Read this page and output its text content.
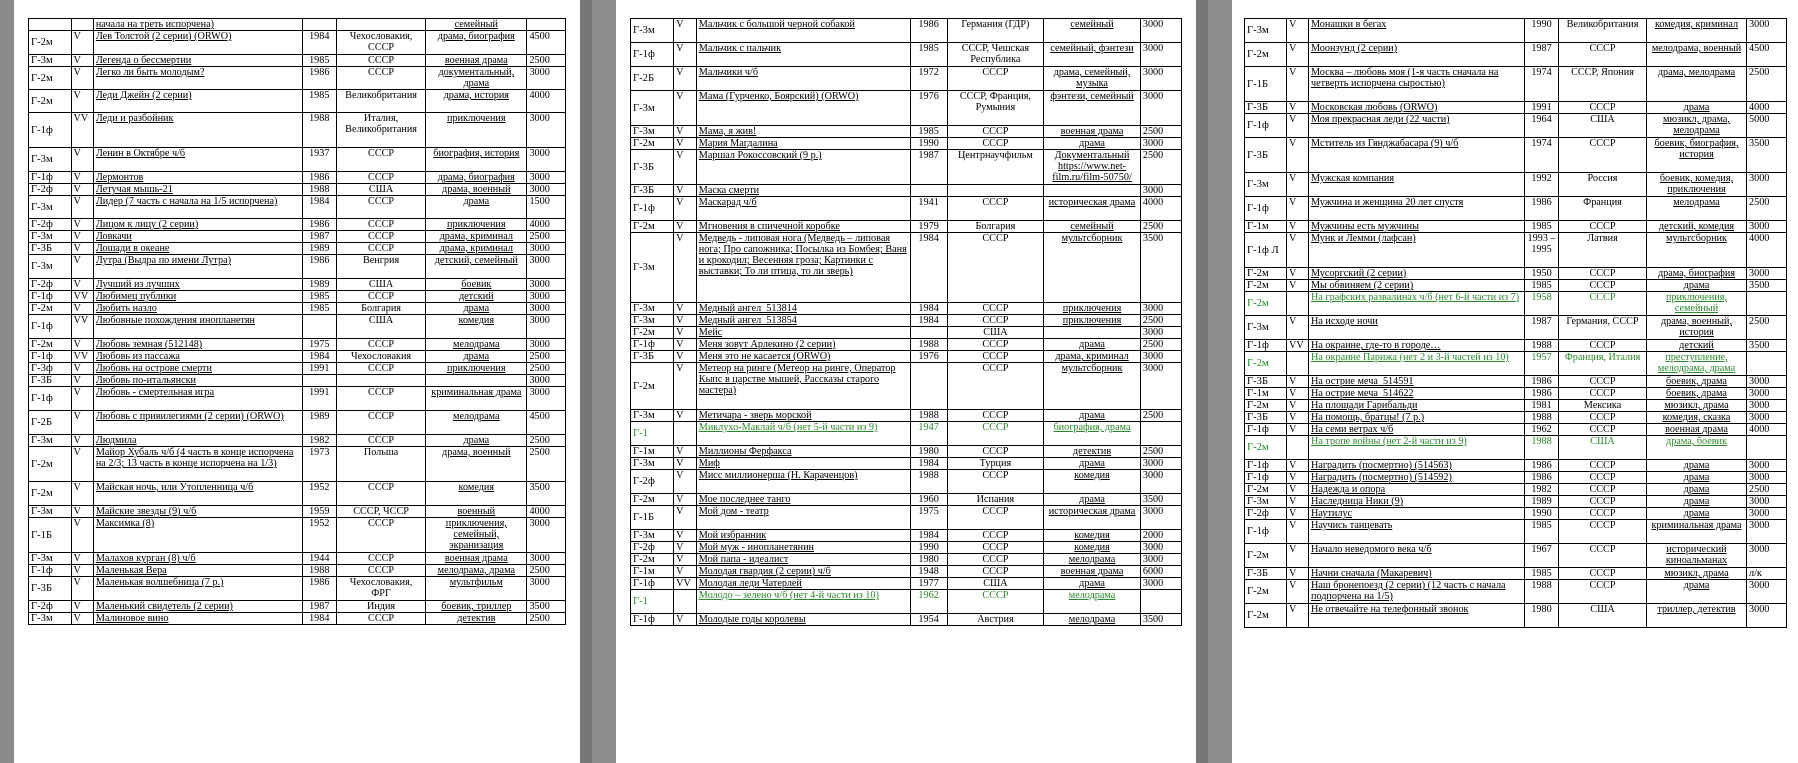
		начала на треть испорчена)			семейный	
Г-2м	V	Лев Толстой (2 серии) (ORWO)	1984	Чехословакия, СССР	драма, биография	4500
Г-3м	V	Легенда о бессмертии	1985	СССР	военная драма	2500
Г-2м	V	Легко ли быть молодым?	1986	СССР	документальный, драма	3000
Г-2м	V	Леди Джейн (2 серии)	1985	Великобритания	драма, история	4000
Г-1ф	VV	Леди и разбойник	1988	Италия, Великобритания	приключения	3000
Г-3м	V	Ленин в Октябре ч/б	1937	СССР	биография, история	3000
Г-1ф	V	Лермонтов	1986	СССР	драма, биография	3000
Г-2ф	V	Летучая мышь-21	1988	США	драма, военный	3000
Г-3м	V	Лидер (7 часть с начала на 1/5 испорчена)	1984	СССР	драма	1500
Г-2ф	V	Лицом к лицу (2 серии)	1986	СССР	приключения	4000
Г-3м	V	Ловкачи	1987	СССР	драма, криминал	2500
Г-3Б	V	Лошади в океане	1989	СССР	драма, криминал	3000
Г-3м	V	Лутра (Выдра по имени Лутра)	1986	Венгрия	детский, семейный	3000
Г-2ф	V	Лучший из лучших	1989	США	боевик	3000
Г-1ф	VV	Любимец публики	1985	СССР	детский	3000
Г-2м	V	Любить назло	1985	Болгария	драма	3000
Г-1ф	VV	Любовные похождения инопланетян		США	комедия	3000
Г-2м	V	Любовь земная (512148)	1975	СССР	мелодрама	3000
Г-1ф	VV	Любовь из пассажа	1984	Чехословакия	драма	2500
Г-3ф	V	Любовь на острове смерти	1991	СССР	приключения	2500
Г-3Б	V	Любовь по-итальянски				3000
Г-1ф	V	Любовь - смертельная игра	1991	СССР	криминальная драма	3000
Г-2Б	V	Любовь с привилегиями (2 серии) (ORWO)	1989	СССР	мелодрама	4500
Г-3м	V	Людмила	1982	СССР	драма	2500
Г-2м	V	Майор Хубаль ч/б (4 часть в конце испорчена на 2/3; 13 часть в конце испорчена на 1/3)	1973	Польша	драма, военный	2500
Г-2м	V	Майская ночь, или Утопленница ч/б	1952	СССР	комедия	3500
Г-3м	V	Майские звезды (9) ч/б	1959	СССР, ЧССР	военный	4000
Г-1Б	V	Максимка (8)	1952	СССР	приключения, семейный, экранизация	3000
Г-3м	V	Малахов курган (8) ч/б	1944	СССР	военная драма	3000
Г-1ф	V	Маленькая Вера	1988	СССР	мелодрама, драма	2500
Г-3Б	V	Маленькая волшебница (7 р.)	1986	Чехословакия, ФРГ	мультфильм	3000
Г-2ф	V	Маленький свидетель (2 серии)	1987	Индия	боевик, триллер	3500
Г-3м	V	Малиновое вино	1984	СССР	детектив	2500
Г-3м	V	Мальчик с большой черной собакой	1986	Германия (ГДР)	семейный	3000
Г-1ф	V	Мальчик с пальчик	1985	СССР, Чешская Республика	семейный, фэнтези	3000
Г-2Б	V	Мальчики ч/б	1972	СССР	драма, семейный, музыка	3000
Г-3м	V	Мама (Гурченко, Боярский) (ORWO)	1976	СССР, Франция, Румыния	фэнтези, семейный	3000
Г-3м	V	Мама, я жив!	1985	СССР	военная драма	2500
Г-2м	V	Мария Магдалина	1990	СССР	драма	3000
Г-3Б	V	Маршал Рокоссовский (9 р.)	1987	Центрнаучфильм	Документальный https://www.net-film.ru/film-50750/	2500
Г-3Б	V	Маска смерти				3000
Г-1ф	V	Маскарад ч/б	1941	СССР	историческая драма	4000
Г-2м	V	Мгновения в спичечной коробке	1979	Болгария	семейный	2500
Г-3м	V	Медведь - липовая нога (Медведь – липовая нога; Про сапожника; Посылка из Бомбея; Ваня и крокодил; Весенняя гроза; Картинки с выставки; То ли птица, то ли зверь)	1984	СССР	мультсборник	3500
Г-3м	V	Медный ангел_513814	1984	СССР	приключения	3000
Г-3м	V	Медный ангел_513854	1984	СССР	приключения	2500
Г-2м	V	Мейс		США		3000
Г-1ф	V	Меня зовут Арлекино (2 серии)	1988	СССР	драма	2500
Г-3Б	V	Меня это не касается (ORWO)	1976	СССР	драма, криминал	3000
Г-2м	V	Метеор на ринге (Метеор на ринге, Оператор Кыпс в царстве мышей, Рассказы старого мастера)		СССР	мультсборник	3000
Г-3м	V	Метичара - зверь морской	1988	СССР	драма	2500
Г-1		Миклухо-Маклай ч/б (нет 5-й части из 9)	1947	СССР	биография, драма	
Г-1м	V	Миллионы Ферфакса	1980	СССР	детектив	2500
Г-3м	V	Миф	1984	Турция	драма	3000
Г-2ф	V	Мисс миллионерша (Н. Караченцов)	1988	СССР	комедия	3000
Г-2м	V	Мое последнее танго	1960	Испания	драма	3500
Г-1Б	V	Мой дом - театр	1975	СССР	историческая драма	3000
Г-3м	V	Мой избранник	1984	СССР	комедия	2000
Г-2ф	V	Мой муж - инопланетянин	1990	СССР	комедия	3000
Г-2м	V	Мой папа - идеалист	1980	СССР	мелодрама	3000
Г-1м	V	Молодая гвардия (2 серии) ч/б	1948	СССР	военная драма	6000
Г-1ф	VV	Молодая леди Чатерлей	1977	США	драма	3000
Г-1		Молодо – зелено ч/б (нет 4-й части из 10)	1962	СССР	мелодрама	
Г-1ф	V	Молодые годы королевы	1954	Австрия	мелодрама	3500
Г-3м	V	Монашки в бегах	1990	Великобритания	комедия, криминал	3000
Г-2м	V	Моонзунд (2 серии)	1987	СССР	мелодрама, военный	4500
Г-1Б	V	Москва – любовь моя (1-я часть сначала на четверть испорчена сыростью)	1974	СССР, Япония	драма, мелодрама	2500
Г-3Б	V	Московская любовь (ORWO)	1991	СССР	драма	4000
Г-1ф	V	Моя прекрасная леди (22 части)	1964	США	мюзикл, драма, мелодрама	5000
Г-3Б	V	Мститель из Гянджабасара (9) ч/б	1974	СССР	боевик, биография, история	3500
Г-3м	V	Мужская компания	1992	Россия	боевик, комедия, приключения	3000
Г-1ф	V	Мужчина и женщина 20 лет спустя	1986	Франция	мелодрама	2500
Г-1м	V	Мужчины есть мужчины	1985	СССР	детский, комедия	3000
Г-1ф Л	V	Мунк и Лемми (лафсан)	1993 – 1995	Латвия	мультсборник	4000
Г-2м	V	Мусоргский (2 серии)	1950	СССР	драма, биография	3000
Г-2м	V	Мы обвиняем (2 серии)	1985	СССР	драма	3500
Г-2м		На графских развалинах ч/б (нет 6-й части из 7)	1958	СССР	приключения, семейный	
Г-3м	V	На исходе ночи	1987	Германия, СССР	драма, военный, история	2500
Г-1ф	VV	На окраине, где-то в городе…	1988	СССР	детский	3500
Г-2м		На окраине Парижа (нет 2 и 3-й частей из 10)	1957	Франция, Италия	преступление, мелодрама, драма	
Г-3Б	V	На острие меча_514591	1986	СССР	боевик, драма	3000
Г-1м	V	На острие меча_514622	1986	СССР	боевик, драма	3000
Г-2м	V	На площади Гарибальди	1981	Мексика	мюзикл, драма	3000
Г-3Б	V	На помощь, братцы! (7 р.)	1988	СССР	комедия, сказка	3000
Г-1ф	V	На семи ветрах ч/б	1962	СССР	военная драма	4000
Г-2м		На тропе войны (нет 2-й части из 9)	1988	США	драма, боевик	
Г-1ф	V	Наградить (посмертно) (514563)	1986	СССР	драма	3000
Г-1ф	V	Наградить (посмертно) (514592)	1986	СССР	драма	3000
Г-2м	V	Надежда и опора	1982	СССР	драма	2500
Г-3м	V	Наследница Ники (9)	1989	СССР	драма	3000
Г-2ф	V	Наутилус	1990	СССР	драма	3000
Г-1ф	V	Научись танцевать	1985	СССР	криминальная драма	3000
Г-2м	V	Начало неведомого века ч/б	1967	СССР	исторический киноальманах	3000
Г-3Б	V	Начни сначала (Макаревич)	1985	СССР	мюзикл, драма	л/к
Г-2м	V	Наш бронепоезд (2 серии) (12 часть с начала подпорчена на 1/5)	1988	СССР	драма	3000
Г-2м	V	Не отвечайте на телефонный звонок	1980	США	триллер, детектив	3000
